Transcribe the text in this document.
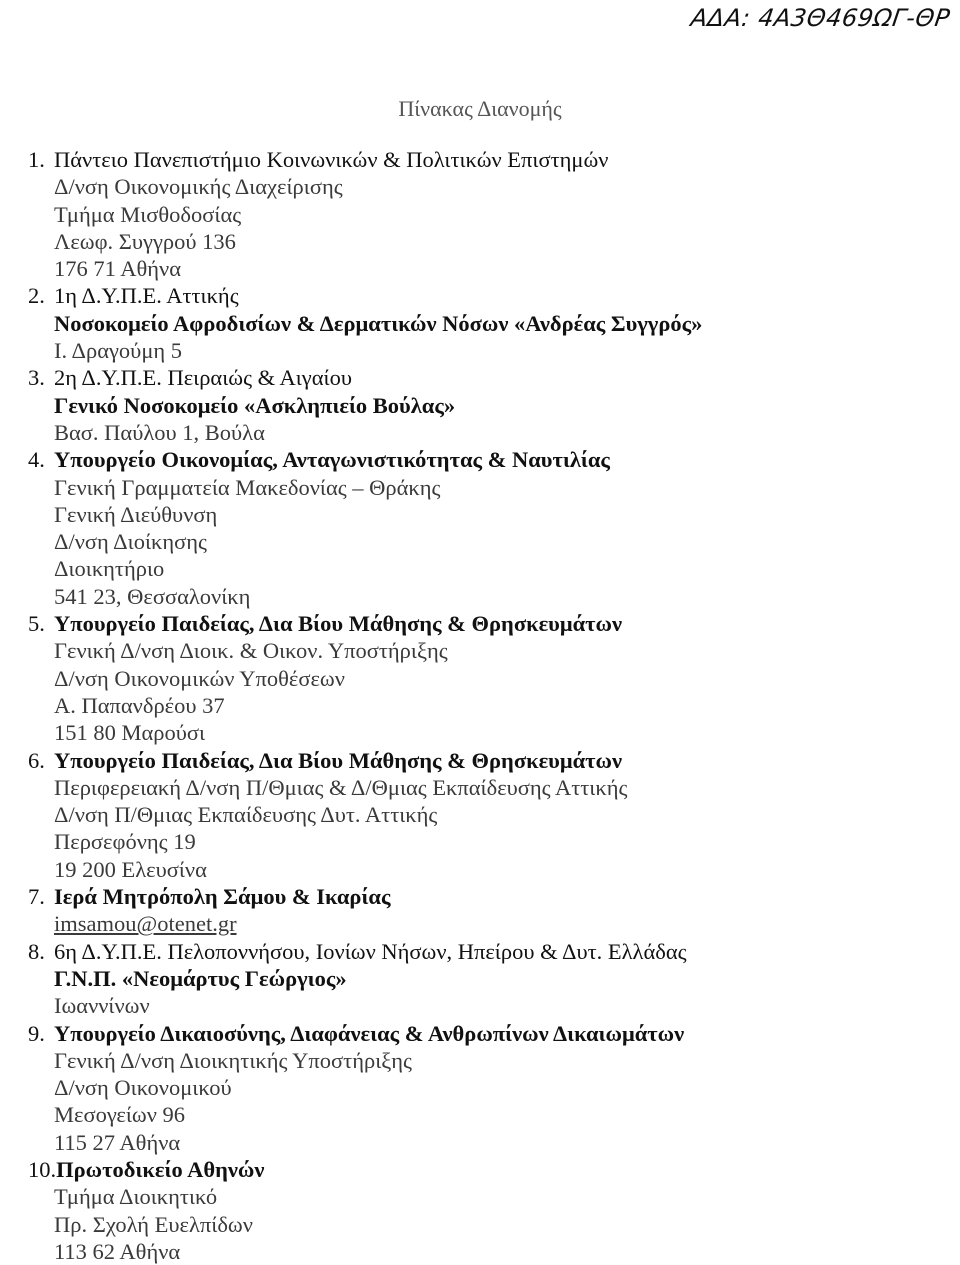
ΑΔΑ: 4Α3Θ469ΩΓ-ΘΡ
Πίνακας Διανομής
1. Πάντειο Πανεπιστήμιο Κοινωνικών & Πολιτικών Επιστημών
Δ/νση Οικονομικής Διαχείρισης
Τμήμα Μισθοδοσίας
Λεωφ. Συγγρού 136
176 71 Αθήνα
2. 1η Δ.Υ.Π.Ε. Αττικής
Νοσοκομείο Αφροδισίων & Δερματικών Νόσων «Ανδρέας Συγγρός»
Ι. Δραγούμη 5
3. 2η Δ.Υ.Π.Ε. Πειραιώς & Αιγαίου
Γενικό Νοσοκομείο «Ασκληπιείο Βούλας»
Βασ. Παύλου 1, Βούλα
4. Υπουργείο Οικονομίας, Ανταγωνιστικότητας & Ναυτιλίας
Γενική Γραμματεία Μακεδονίας – Θράκης
Γενική Διεύθυνση
Δ/νση Διοίκησης
Διοικητήριο
541 23, Θεσσαλονίκη
5. Υπουργείο Παιδείας, Δια Βίου Μάθησης & Θρησκευμάτων
Γενική Δ/νση Διοικ. & Οικον. Υποστήριξης
Δ/νση Οικονομικών Υποθέσεων
Α. Παπανδρέου 37
151 80 Μαρούσι
6. Υπουργείο Παιδείας, Δια Βίου Μάθησης & Θρησκευμάτων
Περιφερειακή Δ/νση Π/Θμιας & Δ/Θμιας Εκπαίδευσης Αττικής
Δ/νση Π/Θμιας Εκπαίδευσης Δυτ. Αττικής
Περσεφόνης 19
19 200 Ελευσίνα
7. Ιερά Μητρόπολη Σάμου & Ικαρίας
imsamou@otenet.gr
8. 6η Δ.Υ.Π.Ε. Πελοποννήσου, Ιονίων Νήσων, Ηπείρου & Δυτ. Ελλάδας
Γ.Ν.Π. «Νεομάρτυς Γεώργιος»
Ιωαννίνων
9. Υπουργείο Δικαιοσύνης, Διαφάνειας & Ανθρωπίνων Δικαιωμάτων
Γενική Δ/νση Διοικητικής Υποστήριξης
Δ/νση Οικονομικού
Μεσογείων 96
115 27 Αθήνα
10.Πρωτοδικείο Αθηνών
Τμήμα Διοικητικό
Πρ. Σχολή Ευελπίδων
113 62 Αθήνα
